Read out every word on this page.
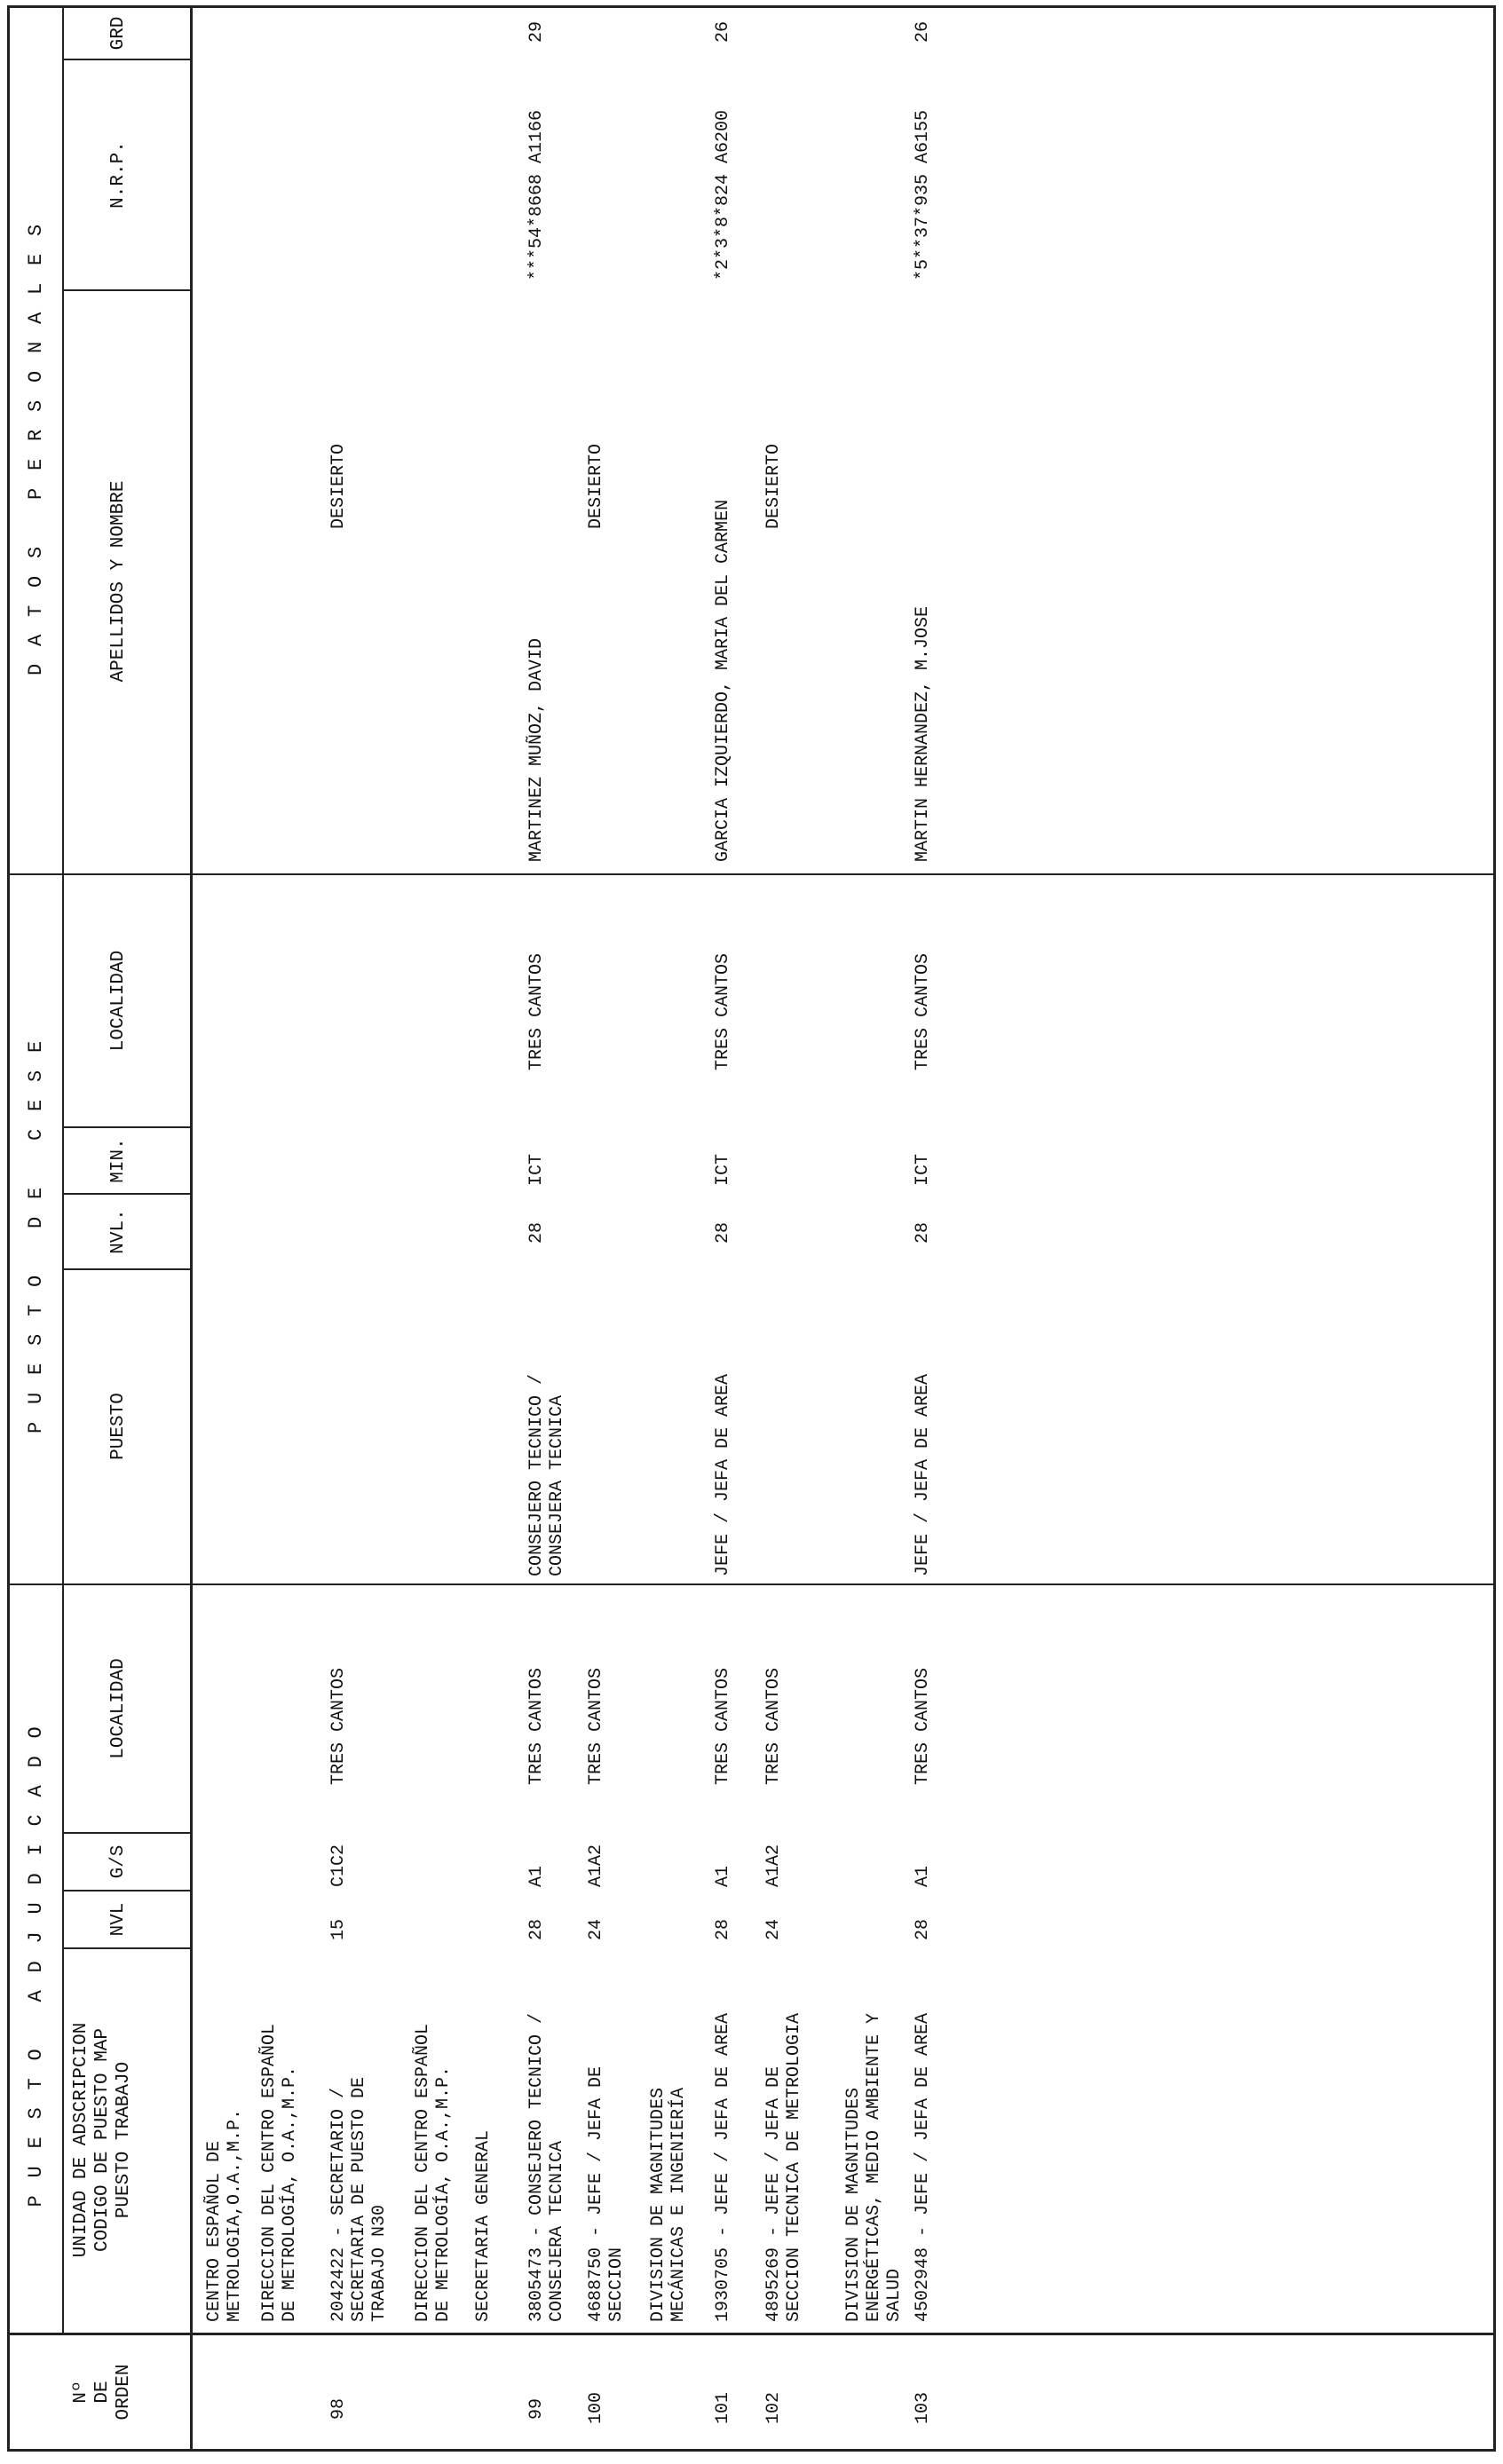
Nº
DE
ORDEN
PUESTO ADJUDICADO
PUESTO DE CESE
DATOS PERSONALES
UNIDAD DE ADSCRIPCION
CODIGO DE PUESTO MAP
PUESTO TRABAJO
NVL
G/S
LOCALIDAD
PUESTO
NVL.
MIN.
LOCALIDAD
APELLIDOS Y NOMBRE
N.R.P.
GRD
CENTRO ESPAÑOL DE
METROLOGIA,O.A.,M.P. DIRECCION DEL CENTRO ESPAÑOL
DE METROLOGÍA, O.A.,M.P.
DIRECCION DEL CENTRO ESPAÑOL
DE METROLOGÍA, O.A.,M.P.
SECRETARIA GENERAL	DIVISION DE MAGNITUDES
MECÁNICAS E INGENIERÍA
DIVISION DE MAGNITUDES
ENERGÉTICAS, MEDIO AMBIENTE Y
SALUD
98
2042422 - SECRETARIO /
SECRETARIA DE PUESTO DE
TRABAJO N30
15
C1C2
TRES CANTOS
DESIERTO
99
3805473 - CONSEJERO TECNICO /
CONSEJERA TECNICA
28
A1
TRES CANTOS
CONSEJERO TECNICO /
CONSEJERA TECNICA
28
ICT
TRES CANTOS
MARTINEZ MUÑOZ, DAVID
***54*8668 A1166
29
100
4688750 - JEFE / JEFA DE
SECCION
24
A1A2
TRES CANTOS
DESIERTO
101
1930705 - JEFE / JEFA DE AREA
28
A1
TRES CANTOS
JEFE / JEFA DE AREA
28
ICT
TRES CANTOS
GARCIA IZQUIERDO, MARIA DEL CARMEN
*2*3*8*824 A6200
26
102
4895269 - JEFE / JEFA DE
SECCION TECNICA DE METROLOGIA
24
A1A2
TRES CANTOS
DESIERTO
103
4502948 - JEFE / JEFA DE AREA
28
A1
TRES CANTOS
JEFE / JEFA DE AREA
28
ICT
TRES CANTOS
MARTIN HERNANDEZ, M.JOSE
*5**37*935 A6155
26
